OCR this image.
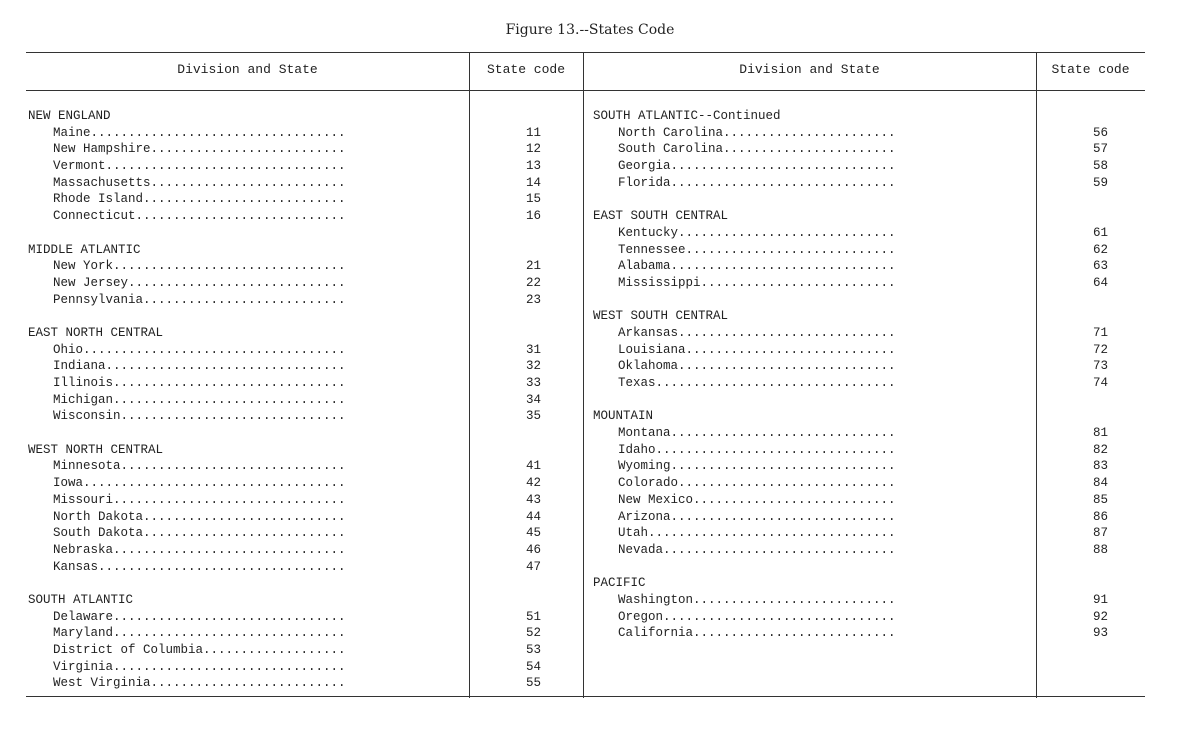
Figure 13.--States Code
Division and State	State code	Division and State	State code
NEW ENGLAND
Maine..................................	11
New Hampshire..........................	12
Vermont................................	13
Massachusetts..........................	14
Rhode Island...........................	15
Connecticut............................	16
MIDDLE ATLANTIC
New York...............................	21
New Jersey.............................	22
Pennsylvania...........................	23
EAST NORTH CENTRAL
Ohio...................................	31
Indiana................................	32
Illinois...............................	33
Michigan...............................	34
Wisconsin..............................	35
WEST NORTH CENTRAL
Minnesota..............................	41
Iowa...................................	42
Missouri...............................	43
North Dakota...........................	44
South Dakota...........................	45
Nebraska...............................	46
Kansas.................................	47
SOUTH ATLANTIC
Delaware...............................	51
Maryland...............................	52
District of Columbia...................	53
Virginia...............................	54
West Virginia..........................	55
SOUTH ATLANTIC--Continued
North Carolina.......................	56
South Carolina.......................	57
Georgia..............................	58
Florida..............................	59
EAST SOUTH CENTRAL
Kentucky.............................	61
Tennessee............................	62
Alabama..............................	63
Mississippi..........................	64
WEST SOUTH CENTRAL
Arkansas.............................	71
Louisiana............................	72
Oklahoma.............................	73
Texas................................	74
MOUNTAIN
Montana..............................	81
Idaho................................	82
Wyoming..............................	83
Colorado.............................	84
New Mexico...........................	85
Arizona..............................	86
Utah.................................	87
Nevada...............................	88
PACIFIC
Washington...........................	91
Oregon...............................	92
California...........................	93
